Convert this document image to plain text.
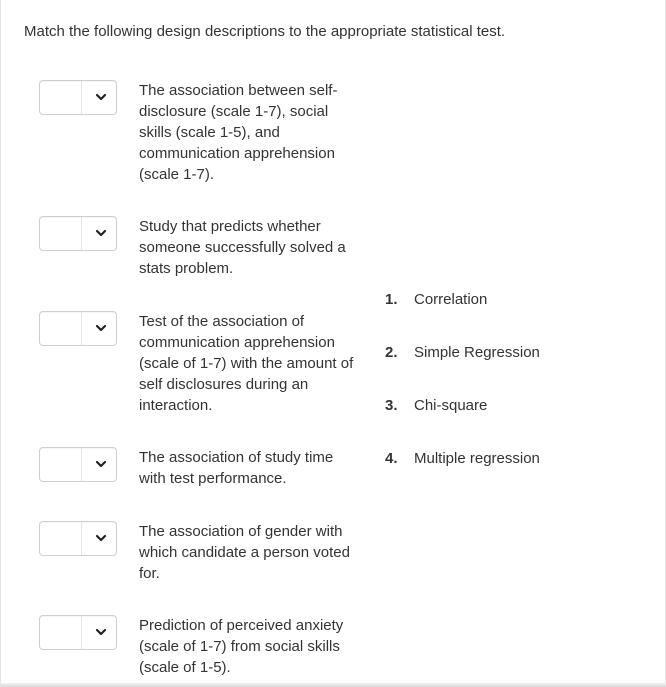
Match the following design descriptions to the appropriate statistical test.
The association between self-disclosure (scale 1-7), social skills (scale 1-5), and communication apprehension (scale 1-7).
Study that predicts whether someone successfully solved a stats problem.
Test of the association of communication apprehension (scale of 1-7) with the amount of self disclosures during an interaction.
The association of study time with test performance.
The association of gender with which candidate a person voted for.
Prediction of perceived anxiety (scale of 1-7) from social skills (scale of 1-5).
1. Correlation
2. Simple Regression
3. Chi-square
4. Multiple regression
